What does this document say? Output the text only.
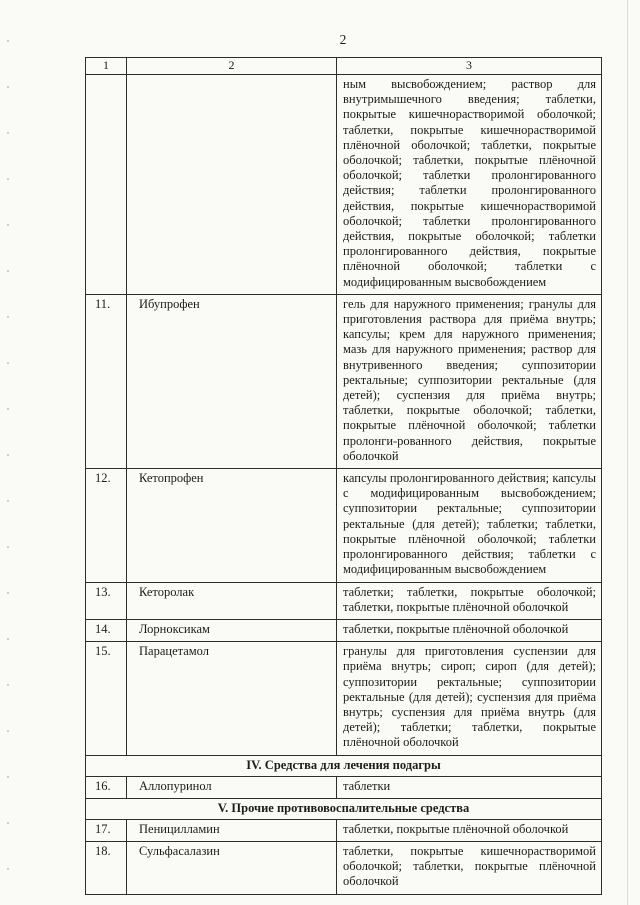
2
1	2	3
		ным высвобождением; раствор для внутримышечного введения; таблетки, покрытые кишечнорастворимой оболочкой; таблетки, покрытые кишечнорастворимой плёночной оболочкой; таблетки, покрытые оболочкой; таблетки, покрытые плёночной оболочкой; таблетки пролонгированного действия; таблетки пролонгированного действия, покрытые кишечнорастворимой оболочкой; таблетки пролонгированного действия, покрытые оболочкой; таблетки пролонгированного действия, покрытые плёночной оболочкой; таблетки с модифицированным высвобождением
11.	Ибупрофен	гель для наружного применения; гранулы для приготовления раствора для приёма внутрь; капсулы; крем для наружного применения; мазь для наружного применения; раствор для внутривенного введения; суппозитории ректальные; суппозитории ректальные (для детей); суспензия для приёма внутрь; таблетки, покрытые оболочкой; таблетки, покрытые плёночной оболочкой; таблетки пролонги-рованного действия, покрытые оболочкой
12.	Кетопрофен	капсулы пролонгированного действия; капсулы с модифицированным высвобождением; суппозитории ректальные; суппозитории ректальные (для детей); таблетки; таблетки, покрытые плёночной оболочкой; таблетки пролонгированного действия; таблетки с модифицированным высвобождением
13.	Кеторолак	таблетки; таблетки, покрытые оболочкой; таблетки, покрытые плёночной оболочкой
14.	Лорноксикам	таблетки, покрытые плёночной оболочкой
15.	Парацетамол	гранулы для приготовления суспензии для приёма внутрь; сироп; сироп (для детей); суппозитории ректальные; суппозитории ректальные (для детей); суспензия для приёма внутрь; суспензия для приёма внутрь (для детей); таблетки; таблетки, покрытые плёночной оболочкой
IV. Средства для лечения подагры		
16.	Аллопуринол	таблетки
V. Прочие противовоспалительные средства		
17.	Пеницилламин	таблетки, покрытые плёночной оболочкой
18.	Сульфасалазин	таблетки, покрытые кишечнорастворимой оболочкой; таблетки, покрытые плёночной оболочкой
